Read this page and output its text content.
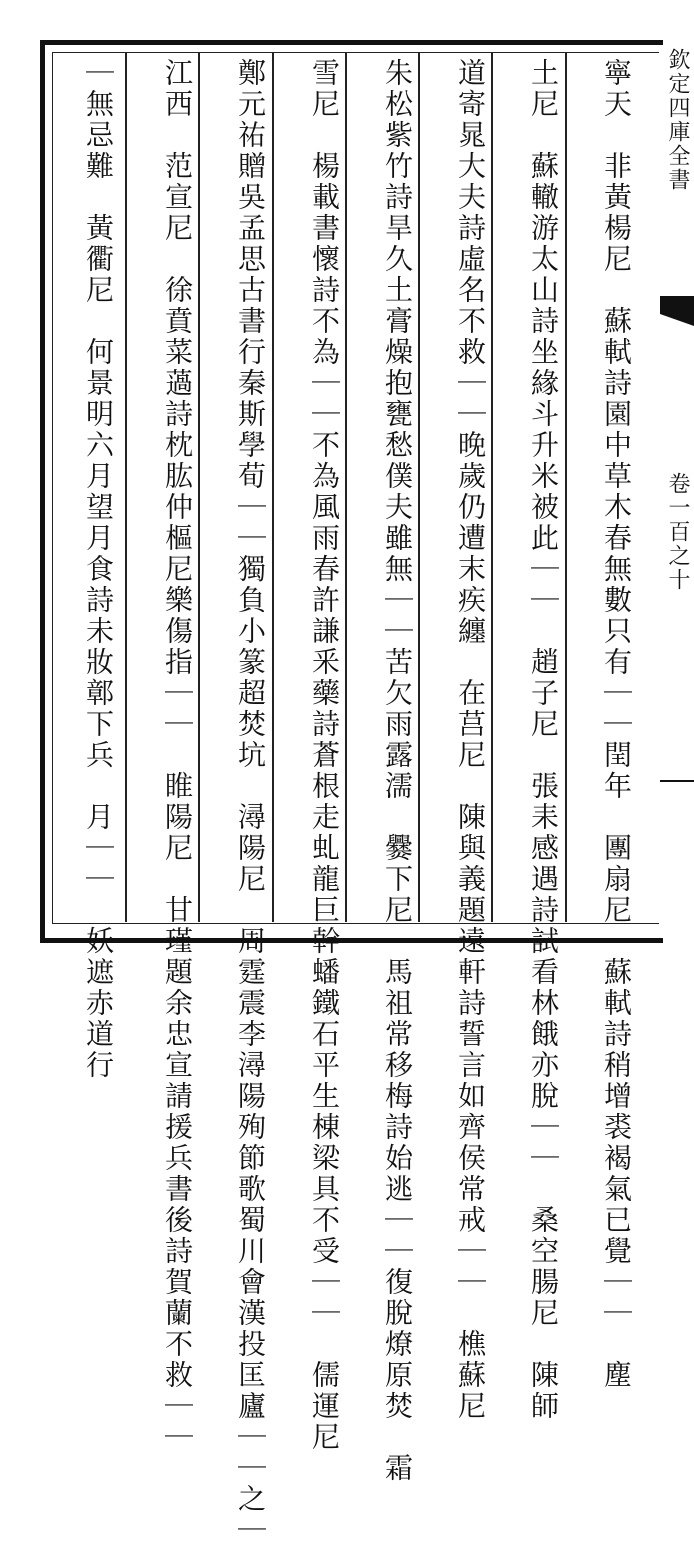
寧天　非黃楊尼　蘇軾詩園中草木春無數只有｜｜閏年　團扇尼　蘇軾詩稍增裘褐氣已覺｜｜　塵
土尼　蘇轍游太山詩坐緣斗升米被此｜｜　趙子尼　張耒感遇詩試看林餓亦脫｜｜　桑空腸尼　陳師
道寄晁大夫詩虛名不救｜｜晚歲仍遭末疾纏　在莒尼　陳與義題遠軒詩誓言如齊侯常戒｜｜　樵蘇尼
朱松紫竹詩旱久土膏燥抱甕愁僕夫雖無｜｜苦欠雨露濡　爨下尼　馬祖常移梅詩始逃｜｜復脫燎原焚　霜
雪尼　楊載書懷詩不為｜｜不為風雨春許謙釆藥詩蒼根走虬龍巨幹蟠鐵石平生棟梁具不受｜｜　儒運尼
鄭元祐贈吳孟思古書行秦斯學荀｜｜獨負小篆超焚坑　潯陽尼　周霆震李潯陽殉節歌蜀川會漢投匡廬｜｜之｜
江西　范宣尼　徐賁菜薖詩枕肱仲樞尼樂傷指｜｜　睢陽尼　甘瑾題余忠宣請援兵書後詩賀蘭不救｜｜
｜無忌難　黃衢尼　何景明六月望月食詩未妝鄣下兵　月｜｜　妖遮赤道行	欽定四庫全書卷一百之十
